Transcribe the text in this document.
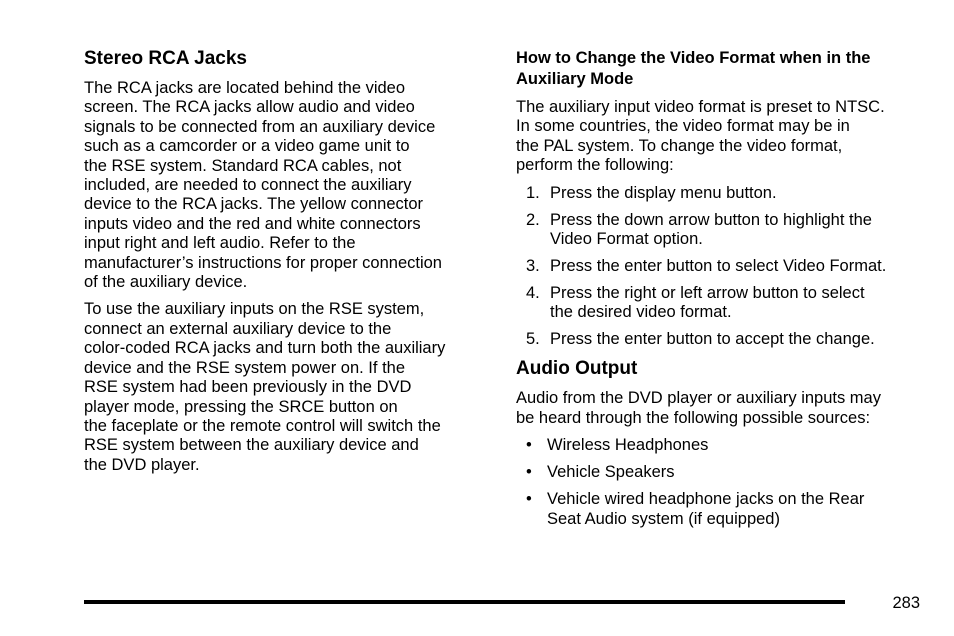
Stereo RCA Jacks

The RCA jacks are located behind the video
screen. The RCA jacks allow audio and video
signals to be connected from an auxiliary device
such as a camcorder or a video game unit to
the RSE system. Standard RCA cables, not
included, are needed to connect the auxiliary
device to the RCA jacks. The yellow connector
inputs video and the red and white connectors
input right and left audio. Refer to the
manufacturer’s instructions for proper connection
of the auxiliary device.

To use the auxiliary inputs on the RSE system,
connect an external auxiliary device to the
color-coded RCA jacks and turn both the auxiliary
device and the RSE system power on. If the
RSE system had been previously in the DVD
player mode, pressing the SRCE button on
the faceplate or the remote control will switch the
RSE system between the auxiliary device and
the DVD player.

How to Change the Video Format when in the Auxiliary Mode

The auxiliary input video format is preset to NTSC.
In some countries, the video format may be in
the PAL system. To change the video format,
perform the following:

1. Press the display menu button.
2. Press the down arrow button to highlight the
Video Format option.
3. Press the enter button to select Video Format.
4. Press the right or left arrow button to select
the desired video format.
5. Press the enter button to accept the change.
Audio Output

Audio from the DVD player or auxiliary inputs may
be heard through the following possible sources:

• Wireless Headphones
• Vehicle Speakers
• Vehicle wired headphone jacks on the Rear
Seat Audio system (if equipped)
283
